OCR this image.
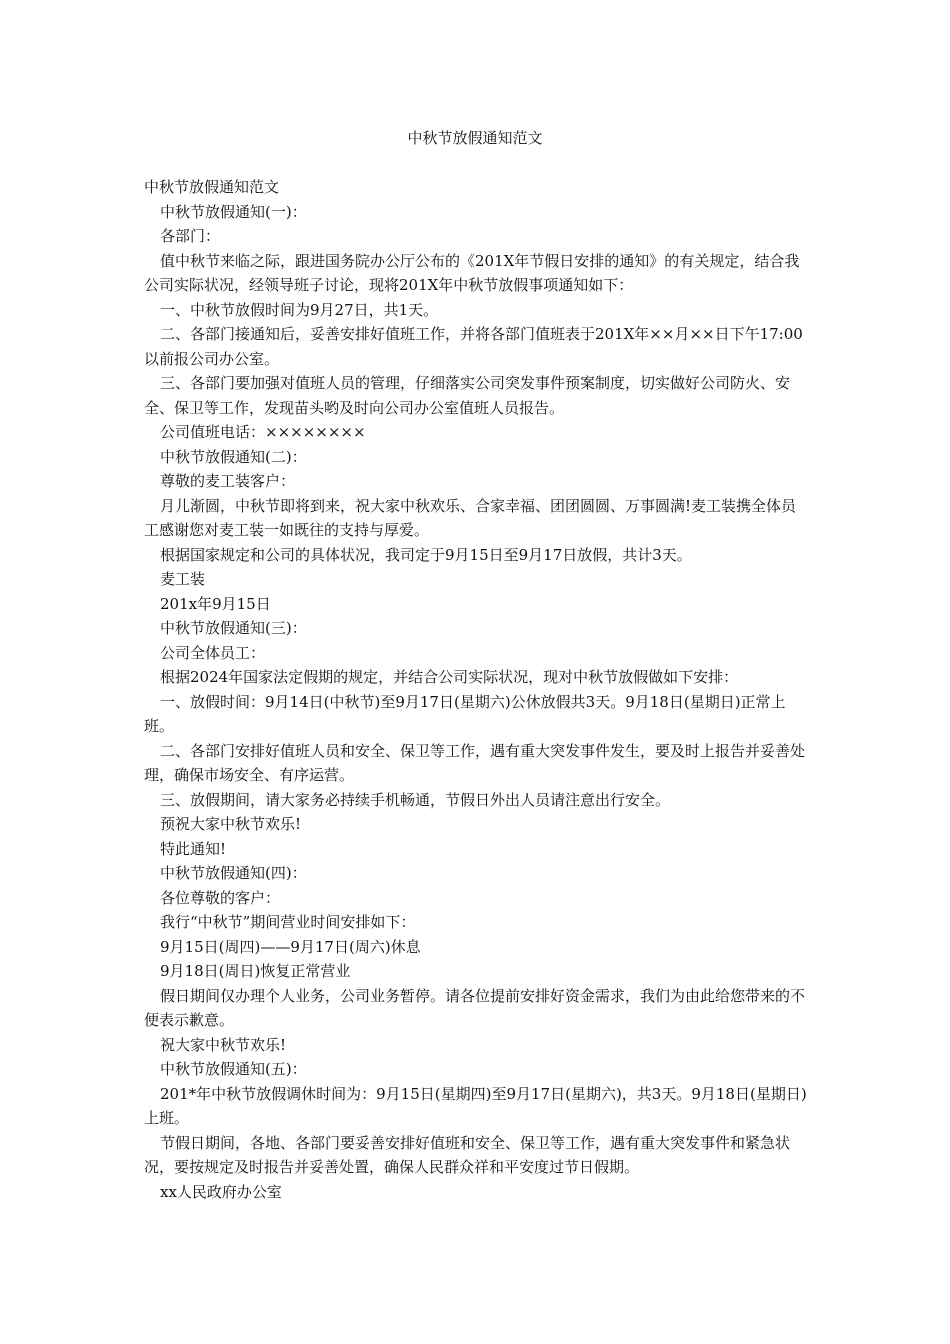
中秋节放假通知范文

中秋节放假通知范文

中秋节放假通知(一)：

各部门：

值中秋节来临之际，跟进国务院办公厅公布的《201X年节假日安排的通知》的有关规定，结合我公司实际状况，经领导班子讨论，现将201X年中秋节放假事项通知如下：

一、中秋节放假时间为9月27日，共1天。

二、各部门接通知后，妥善安排好值班工作，并将各部门值班表于201X年××月××日下午17:00以前报公司办公室。

三、各部门要加强对值班人员的管理，仔细落实公司突发事件预案制度，切实做好公司防火、安全、保卫等工作，发现苗头哟及时向公司办公室值班人员报告。

公司值班电话：××××××××

中秋节放假通知(二)：

尊敬的麦工装客户：

月儿渐圆，中秋节即将到来，祝大家中秋欢乐、合家幸福、团团圆圆、万事圆满!麦工装携全体员工感谢您对麦工装一如既往的支持与厚爱。

根据国家规定和公司的具体状况，我司定于9月15日至9月17日放假，共计3天。

麦工装

201x年9月15日

中秋节放假通知(三)：

公司全体员工：

根据2024年国家法定假期的规定，并结合公司实际状况，现对中秋节放假做如下安排：

一、放假时间：9月14日(中秋节)至9月17日(星期六)公休放假共3天。9月18日(星期日)正常上班。

二、各部门安排好值班人员和安全、保卫等工作，遇有重大突发事件发生，要及时上报告并妥善处理，确保市场安全、有序运营。

三、放假期间，请大家务必持续手机畅通，节假日外出人员请注意出行安全。

预祝大家中秋节欢乐!

特此通知!

中秋节放假通知(四)：

各位尊敬的客户：

我行“中秋节”期间营业时间安排如下：

9月15日(周四)——9月17日(周六)休息

9月18日(周日)恢复正常营业

假日期间仅办理个人业务，公司业务暂停。请各位提前安排好资金需求，我们为由此给您带来的不便表示歉意。

祝大家中秋节欢乐!

中秋节放假通知(五)：

201*年中秋节放假调休时间为：9月15日(星期四)至9月17日(星期六)，共3天。9月18日(星期日)上班。

节假日期间，各地、各部门要妥善安排好值班和安全、保卫等工作，遇有重大突发事件和紧急状况，要按规定及时报告并妥善处置，确保人民群众祥和平安度过节日假期。

xx人民政府办公室
